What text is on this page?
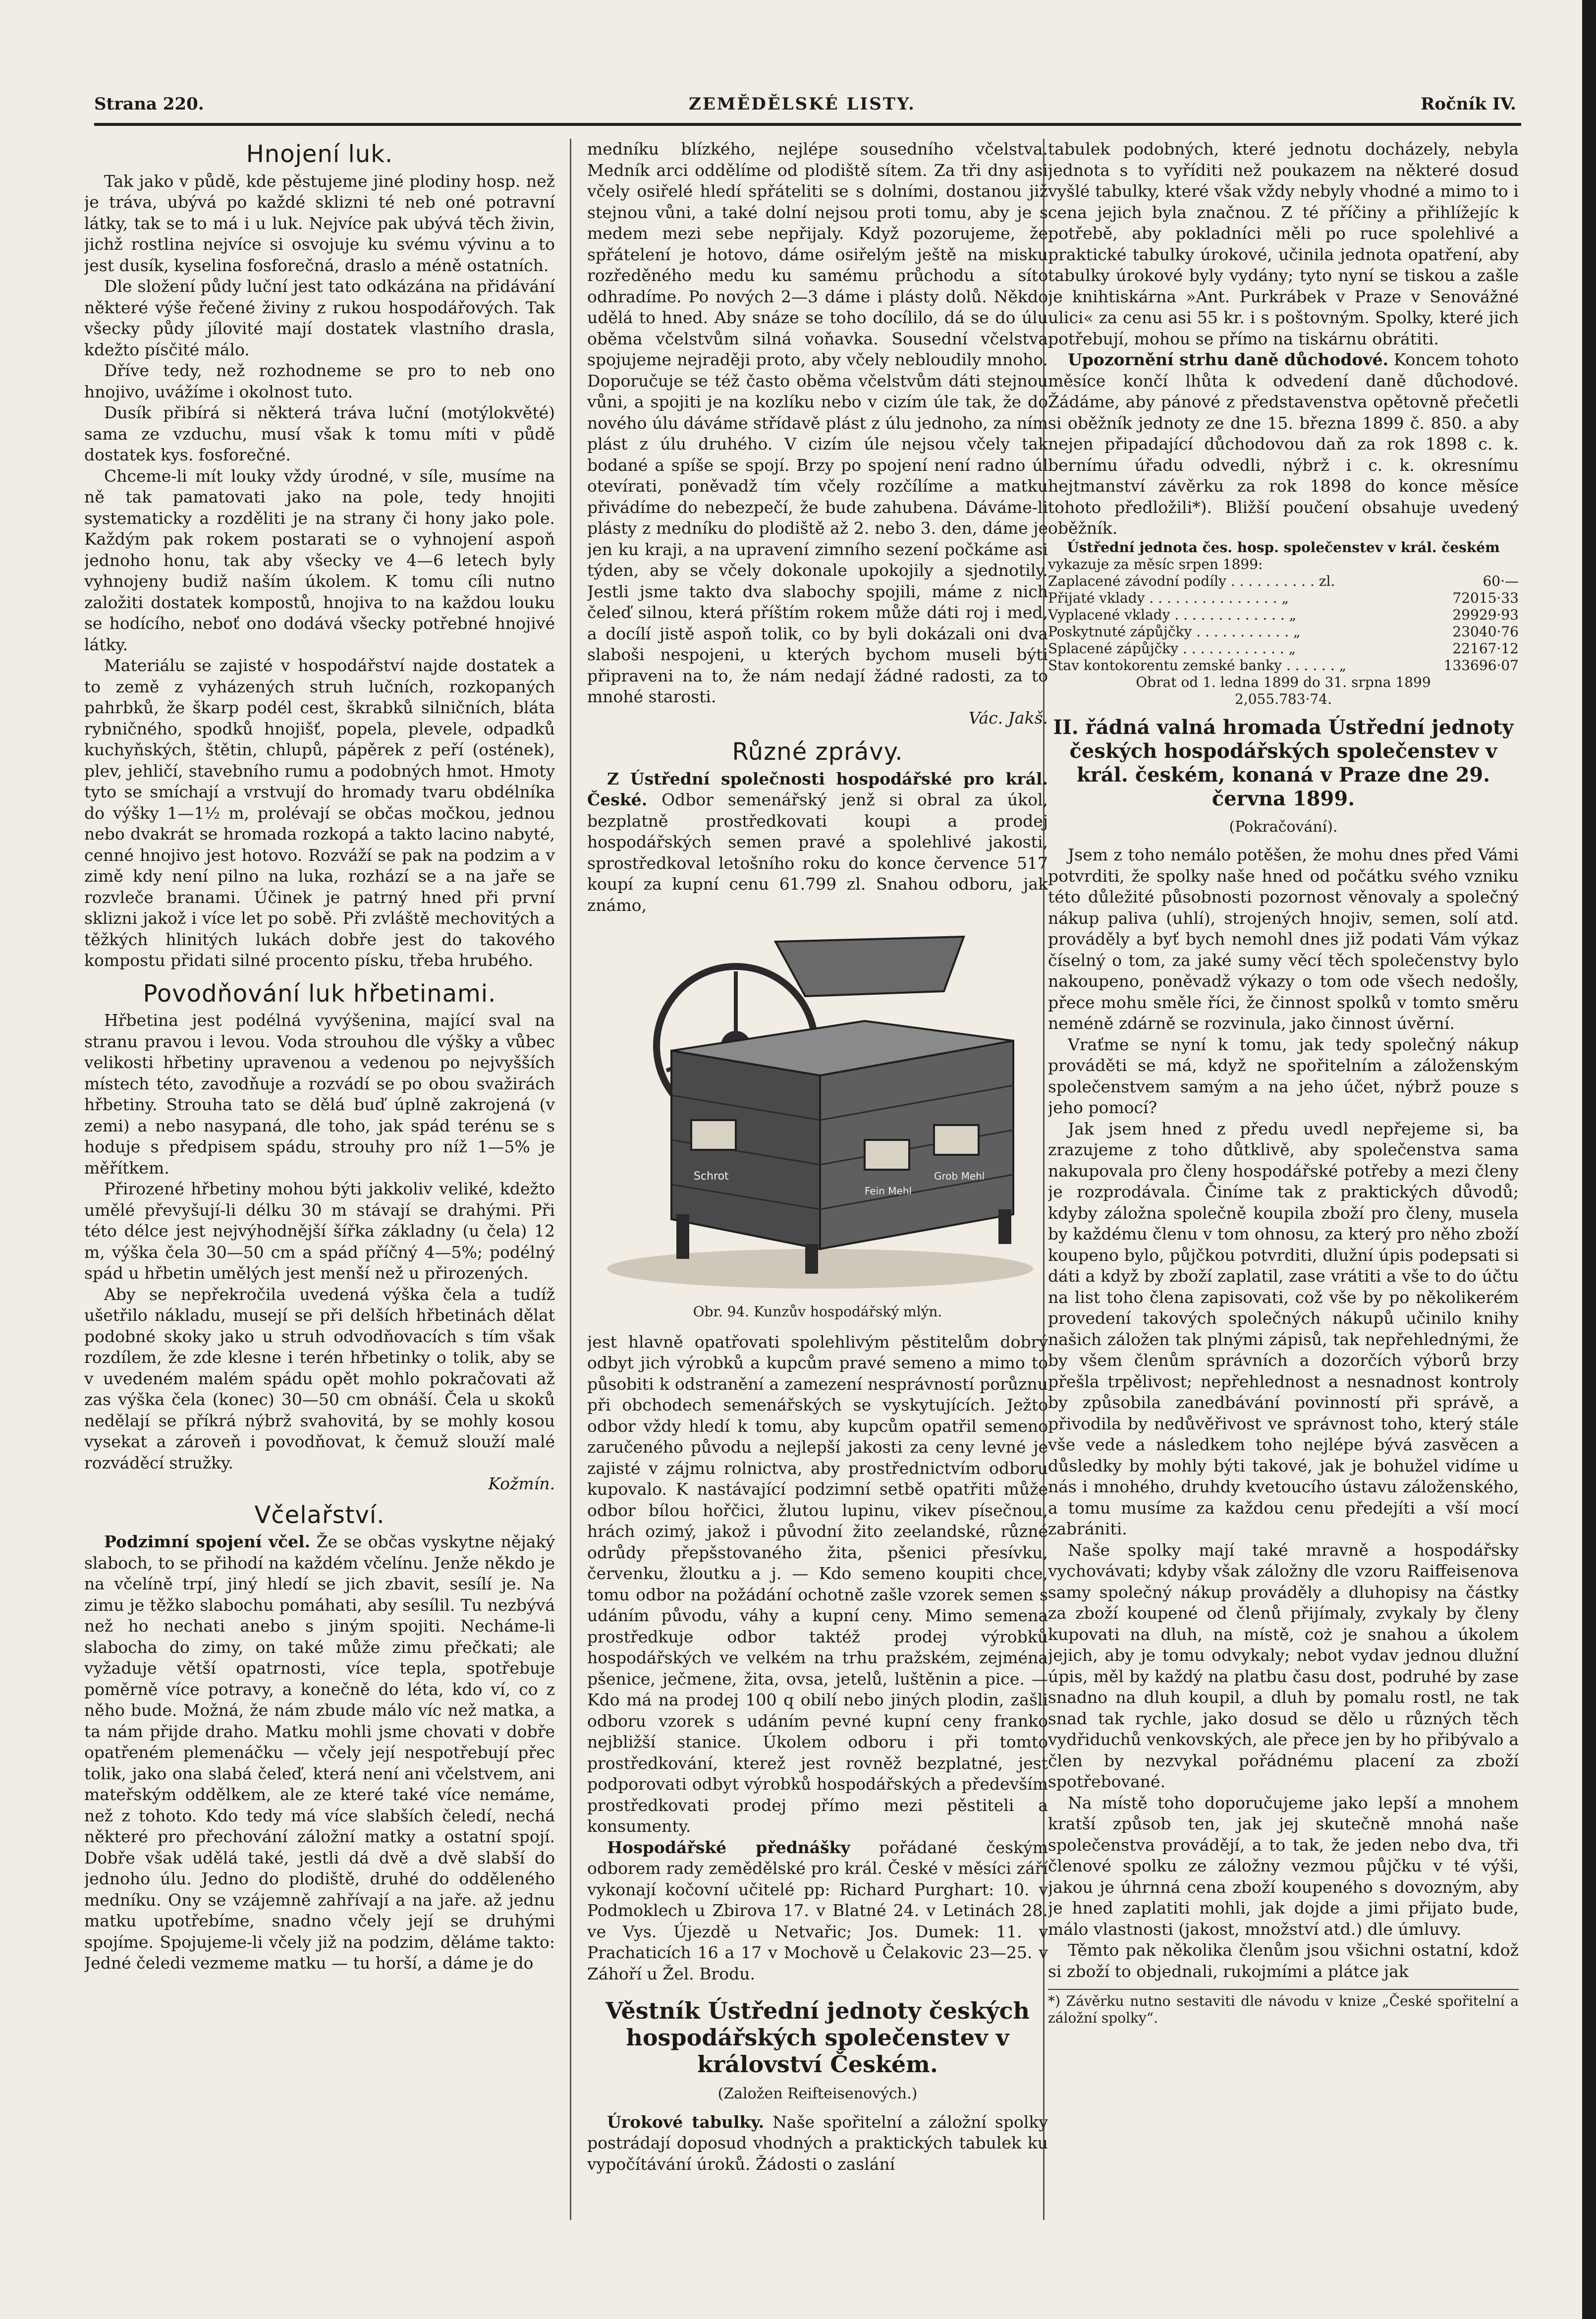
Strana 220.	ZEMĚDĚLSKÉ LISTY.	Ročník IV.
Hnojení luk.

Tak jako v půdě, kde pěstujeme jiné plodiny hosp. než je tráva, ubývá po každé sklizni té neb oné potravní látky, tak se to má i u luk. Nejvíce pak ubývá těch živin, jichž rostlina nejvíce si osvojuje ku svému vývinu a to jest dusík, kyselina fosforečná, draslo a méně ostatních.

Dle složení půdy luční jest tato odkázána na přidávání některé výše řečené živiny z rukou hospodářových. Tak všecky půdy jílovité mají dostatek vlastního drasla, kdežto písčité málo.

Dříve tedy, než rozhodneme se pro to neb ono hnojivo, uvážíme i okolnost tuto.

Dusík přibírá si některá tráva luční (motýlokvěté) sama ze vzduchu, musí však k tomu míti v půdě dostatek kys. fosforečné.

Chceme-li mít louky vždy úrodné, v síle, musíme na ně tak pamatovati jako na pole, tedy hnojiti systematicky a rozděliti je na strany či hony jako pole. Každým pak rokem postarati se o vyhnojení aspoň jednoho honu, tak aby všecky ve 4—6 letech byly vyhnojeny budiž naším úkolem. K tomu cíli nutno založiti dostatek kompostů, hnojiva to na každou louku se hodícího, neboť ono dodává všecky potřebné hnojivé látky.

Materiálu se zajisté v hospodářství najde dostatek a to země z vyházených struh lučních, rozkopaných pahrbků, že škarp podél cest, škrabků silničních, bláta rybničného, spodků hnojišť, popela, plevele, odpadků kuchyňských, štětin, chlupů, pápěrek z peří (ostének), plev, jehličí, stavebního rumu a podobných hmot. Hmoty tyto se smíchají a vrstvují do hromady tvaru obdélníka do výšky 1—1½ m, prolévají se občas močkou, jednou nebo dvakrát se hromada rozkopá a takto lacino nabyté, cenné hnojivo jest hotovo. Rozváží se pak na podzim a v zimě kdy není pilno na luka, rozhází se a na jaře se rozvleče branami. Účinek je patrný hned při první sklizni jakož i více let po sobě. Při zvláště mechovitých a těžkých hlinitých lukách dobře jest do takového kompostu přidati silné procento písku, třeba hrubého.

Povodňování luk hřbetinami.

Hřbetina jest podélná vyvýšenina, mající sval na stranu pravou i levou. Voda strouhou dle výšky a vůbec velikosti hřbetiny upravenou a vedenou po nejvyšších místech této, zavodňuje a rozvádí se po obou svažirách hřbetiny. Strouha tato se dělá buď úplně zakrojená (v zemi) a nebo nasypaná, dle toho, jak spád terénu se s hoduje s předpisem spádu, strouhy pro níž 1—5% je měřítkem.

Přirozené hřbetiny mohou býti jakkoliv veliké, kdežto umělé převyšují-li délku 30 m stávají se drahými. Při této délce jest nejvýhodnější šířka základny (u čela) 12 m, výška čela 30—50 cm a spád příčný 4—5%; podélný spád u hřbetin umělých jest menší než u přirozených.

Aby se nepřekročila uvedená výška čela a tudíž ušetřilo nákladu, musejí se při delších hřbetinách dělat podobné skoky jako u struh odvodňovacích s tím však rozdílem, že zde klesne i terén hřbetinky o tolik, aby se v uvedeném malém spádu opět mohlo pokračovati až zas výška čela (konec) 30—50 cm obnáší. Čela u skoků nedělají se příkrá nýbrž svahovitá, by se mohly kosou vysekat a zároveň i povodňovat, k čemuž slouží malé rozváděcí stružky.

Kožmín.
Včelařství.

Podzimní spojení včel. Že se občas vyskytne nějaký slaboch, to se přihodí na každém včelínu. Jenže někdo je na včelíně trpí, jiný hledí se jich zbavit, sesílí je. Na zimu je těžko slabochu pomáhati, aby sesílil. Tu nezbývá než ho nechati anebo s jiným spojiti. Necháme-li slabocha do zimy, on také může zimu přečkati; ale vyžaduje větší opatrnosti, více tepla, spotřebuje poměrně více potravy, a konečně do léta, kdo ví, co z něho bude. Možná, že nám zbude málo víc než matka, a ta nám přijde draho. Matku mohli jsme chovati v dobře opatřeném plemenáčku — včely její nespotřebují přec tolik, jako ona slabá čeleď, která není ani včelstvem, ani mateřským oddělkem, ale ze které také více nemáme, než z tohoto. Kdo tedy má více slabších čeledí, nechá některé pro přechování záložní matky a ostatní spojí. Dobře však udělá také, jestli dá dvě a dvě slabší do jednoho úlu. Jedno do plodiště, druhé do odděleného medníku. Ony se vzájemně zahřívají a na jaře. až jednu matku upotřebíme, snadno včely její se druhými spojíme. Spojujeme-li včely již na podzim, děláme takto: Jedné čeledi vezmeme matku — tu horší, a dáme je do

medníku blízkého, nejlépe sousedního včelstva. Medník arci oddělíme od plodiště sítem. Za tři dny asi včely osiřelé hledí spřáteliti se s dolními, dostanou již stejnou vůni, a také dolní nejsou proti tomu, aby je s medem mezi sebe nepřijaly. Když pozorujeme, že spřátelení je hotovo, dáme osiřelým ještě na misku rozředěného medu ku samému průchodu a síto odhradíme. Po nových 2—3 dáme i plásty dolů. Někdo udělá to hned. Aby snáze se toho docílilo, dá se do úlu oběma včelstvům silná voňavka. Sousední včelstva spojujeme nejraději proto, aby včely nebloudily mnoho. Doporučuje se též často oběma včelstvům dáti stejnou vůni, a spojiti je na kozlíku nebo v cizím úle tak, že do nového úlu dáváme střídavě plást z úlu jednoho, za ním plást z úlu druhého. V cizím úle nejsou včely tak bodané a spíše se spojí. Brzy po spojení není radno úl otevírati, poněvadž tím včely rozčílíme a matku přivádíme do nebezpečí, že bude zahubena. Dáváme-li plásty z medníku do plodiště až 2. nebo 3. den, dáme je jen ku kraji, a na upravení zimního sezení počkáme asi týden, aby se včely dokonale upokojily a sjednotily. Jestli jsme takto dva slabochy spojili, máme z nich čeleď silnou, která příštím rokem může dáti roj i med, a docílí jistě aspoň tolik, co by byli dokázali oni dva slaboši nespojeni, u kterých bychom museli býti připraveni na to, že nám nedají žádné radosti, za to mnohé starosti.

Vác. Jakš.
Různé zprávy.

Z Ústřední společnosti hospodářské pro král. České. Odbor semenářský jenž si obral za úkol, bezplatně prostředkovati koupi a prodej hospodářských semen pravé a spolehlivé jakosti, sprostředkoval letošního roku do konce července 517 koupí za kupní cenu 61.799 zl. Snahou odboru, jak známo,

Schrot
Fein Mehl
Grob Mehl
Obr. 94. Kunzův hospodářský mlýn.

jest hlavně opatřovati spolehlivým pěstitelům dobrý odbyt jich výrobků a kupcům pravé semeno a mimo to působiti k odstranění a zamezení nesprávností porůznu při obchodech semenářských se vyskytujících. Ježto odbor vždy hledí k tomu, aby kupcům opatřil semeno zaručeného původu a nejlepší jakosti za ceny levné je zajisté v zájmu rolnictva, aby prostřednictvím odboru kupovalo. K nastávající podzimní setbě opatřiti může odbor bílou hořčici, žlutou lupinu, vikev písečnou, hrách ozimý, jakož i původní žito zeelandské, různé odrůdy přepšstovaného žita, pšenici přesívku, červenku, žloutku a j. — Kdo semeno koupiti chce, tomu odbor na požádání ochotně zašle vzorek semen s udáním původu, váhy a kupní ceny. Mimo semena prostředkuje odbor taktéž prodej výrobků hospodářských ve velkém na trhu pražském, zejména pšenice, ječmene, žita, ovsa, jetelů, luštěnin a pice. — Kdo má na prodej 100 q obilí nebo jiných plodin, zašli odboru vzorek s udáním pevné kupní ceny franko nejbližší stanice. Úkolem odboru i při tomto prostředkování, kterež jest rovněž bezplatné, jest podporovati odbyt výrobků hospodářských a především prostředkovati prodej přímo mezi pěstiteli a konsumenty.

Hospodářské přednášky pořádané českým odborem rady zemědělské pro král. České v měsíci září vykonají kočovní učitelé pp: Richard Purghart: 10. v Podmoklech u Zbirova 17. v Blatné 24. v Letinách 28. ve Vys. Újezdě u Netvařic; Jos. Dumek: 11. v Prachaticích 16 a 17 v Mochově u Čelakovic 23—25. v Záhoří u Žel. Brodu.

Věstník Ústřední jednoty českých hospodářských společenstev v království Českém.
(Založen Reifteisenových.)

Úrokové tabulky. Naše spořitelní a záložní spolky postrádají doposud vhodných a praktických tabulek ku vypočítávání úroků. Žádosti o zaslání

tabulek podobných, které jednotu docházely, nebyla jednota s to vyříditi než poukazem na některé dosud vyšlé tabulky, které však vždy nebyly vhodné a mimo to i cena jejich byla značnou. Z té příčiny a přihlížejíc k potřebě, aby pokladníci měli po ruce spolehlivé a praktické tabulky úrokové, učinila jednota opatření, aby tabulky úrokové byly vydány; tyto nyní se tiskou a zašle je knihtiskárna »Ant. Purkrábek v Praze v Senovážné ulici« za cenu asi 55 kr. i s poštovným. Spolky, které jich potřebují, mohou se přímo na tiskárnu obrátiti.

Upozornění strhu daně důchodové. Koncem tohoto měsíce končí lhůta k odvedení daně důchodové. Žádáme, aby pánové z představenstva opětovně přečetli si oběžník jednoty ze dne 15. března 1899 č. 850. a aby nejen připadající důchodovou daň za rok 1898 c. k. bernímu úřadu odvedli, nýbrž i c. k. okresnímu hejtmanství závěrku za rok 1898 do konce měsíce tohoto předložili*). Bližší poučení obsahuje uvedený oběžník.

Ústřední jednota čes. hosp. společenstev v král. českém
vykazuje za měsíc srpen 1899:
Zaplacené závodní podíly . . . . . . . . . . zl.	60·—
Přijaté vklady . . . . . . . . . . . . . . . „	72015·33
Vyplacené vklady . . . . . . . . . . . . . „	29929·93
Poskytnuté zápůjčky . . . . . . . . . . . „	23040·76
Splacené zápůjčky . . . . . . . . . . . . „	22167·12
Stav kontokorentu zemské banky . . . . . . „	133696·07
Obrat od 1. ledna 1899 do 31. srpna 1899
2,055.783·74.
II. řádná valná hromada Ústřední jednoty českých hospodářských společenstev v král. českém, konaná v Praze dne 29. června 1899.
(Pokračování).

Jsem z toho nemálo potěšen, že mohu dnes před Vámi potvrditi, že spolky naše hned od počátku svého vzniku této důležité působnosti pozornost věnovaly a společný nákup paliva (uhlí), strojených hnojiv, semen, solí atd. prováděly a byť bych nemohl dnes již podati Vám výkaz číselný o tom, za jaké sumy věcí těch společenstvy bylo nakoupeno, poněvadž výkazy o tom ode všech nedošly, přece mohu směle říci, že činnost spolků v tomto směru neméně zdárně se rozvinula, jako činnost úvěrní.

Vraťme se nyní k tomu, jak tedy společný nákup prováděti se má, když ne spořitelním a záloženským společenstvem samým a na jeho účet, nýbrž pouze s jeho pomocí?

Jak jsem hned z předu uvedl nepřejeme si, ba zrazujeme z toho důtklivě, aby společenstva sama nakupovala pro členy hospodářské potřeby a mezi členy je rozprodávala. Činíme tak z praktických důvodů; kdyby záložna společně koupila zboží pro členy, musela by každému členu v tom ohnosu, za který pro něho zboží koupeno bylo, půjčkou potvrditi, dlužní úpis podepsati si dáti a když by zboží zaplatil, zase vrátiti a vše to do účtu na list toho člena zapisovati, což vše by po několikerém provedení takových společných nákupů učinilo knihy našich záložen tak plnými zápisů, tak nepřehlednými, že by všem členům správních a dozorčích výborů brzy přešla trpělivost; nepřehlednost a nesnadnost kontroly by způsobila zanedbávání povinností při správě, a přivodila by nedůvěřivost ve správnost toho, který stále vše vede a následkem toho nejlépe bývá zasvěcen a důsledky by mohly býti takové, jak je bohužel vidíme u nás i mnohého, druhdy kvetoucího ústavu záloženského, a tomu musíme za každou cenu předejíti a vší mocí zabrániti.

Naše spolky mají také mravně a hospodářsky vychovávati; kdyby však záložny dle vzoru Raiffeisenova samy společný nákup prováděly a dluhopisy na částky za zboží koupené od členů přijímaly, zvykaly by členy kupovati na dluh, na místě, coż je snahou a úkolem jejich, aby je tomu odvykaly; nebot vydav jednou dlužní úpis, měl by každý na platbu času dost, podruhé by zase snadno na dluh koupil, a dluh by pomalu rostl, ne tak snad tak rychle, jako dosud se dělo u různých těch vydřiduchů venkovských, ale přece jen by ho přibývalo a člen by nezvykal pořádnému placení za zboží spotřebované.

Na místě toho doporučujeme jako lepší a mnohem kratší způsob ten, jak jej skutečně mnohá naše společenstva provádějí, a to tak, že jeden nebo dva, tři členové spolku ze záložny vezmou půjčku v té výši, jakou je úhrnná cena zboží koupeného s dovozným, aby je hned zaplatiti mohli, jak dojde a jimi přijato bude, málo vlastnosti (jakost, množství atd.) dle úmluvy.

Těmto pak několika členům jsou všichni ostatní, kdož si zboží to objednali, rukojmími a plátce jak

*) Závěrku nutno sestaviti dle návodu v knize „České spořitelní a záložní spolky“.
